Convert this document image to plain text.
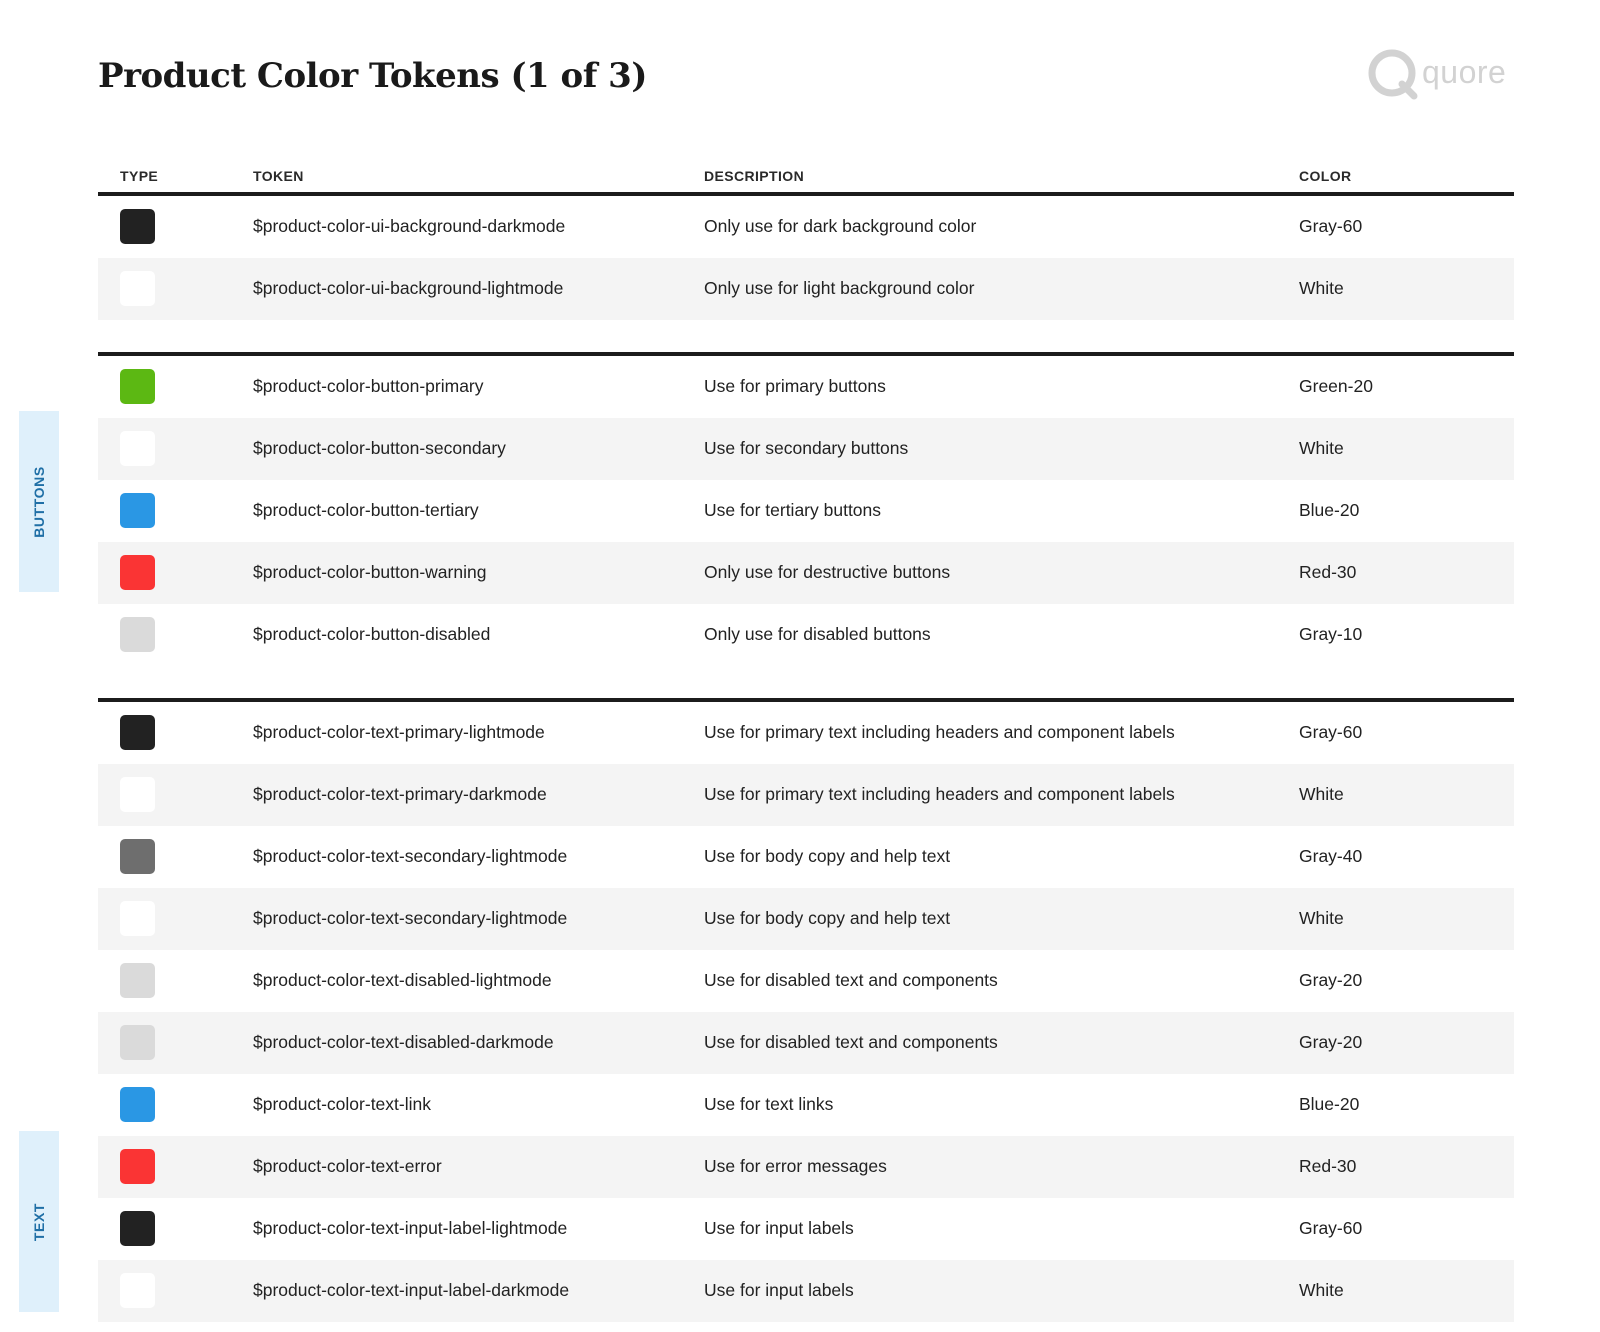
Product Color Tokens (1 of 3)	quore
BUTTONS
TEXT
TYPE	TOKEN	DESCRIPTION	COLOR
$product-color-ui-background-darkmode	Only use for dark background color	Gray-60
$product-color-ui-background-lightmode	Only use for light background color	White
$product-color-button-primary	Use for primary buttons	Green-20
$product-color-button-secondary	Use for secondary buttons	White
$product-color-button-tertiary	Use for tertiary buttons	Blue-20
$product-color-button-warning	Only use for destructive buttons	Red-30
$product-color-button-disabled	Only use for disabled buttons	Gray-10
$product-color-text-primary-lightmode	Use for primary text including headers and component labels	Gray-60
$product-color-text-primary-darkmode	Use for primary text including headers and component labels	White
$product-color-text-secondary-lightmode	Use for body copy and help text	Gray-40
$product-color-text-secondary-lightmode	Use for body copy and help text	White
$product-color-text-disabled-lightmode	Use for disabled text and components	Gray-20
$product-color-text-disabled-darkmode	Use for disabled text and components	Gray-20
$product-color-text-link	Use for text links	Blue-20
$product-color-text-error	Use for error messages	Red-30
$product-color-text-input-label-lightmode	Use for input labels	Gray-60
$product-color-text-input-label-darkmode	Use for input labels	White
